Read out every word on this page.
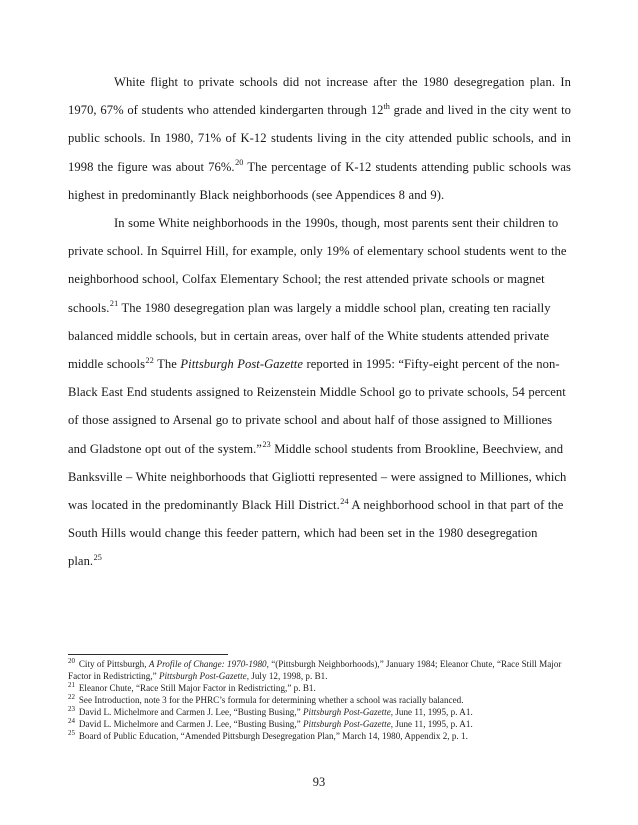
White flight to private schools did not increase after the 1980 desegregation plan. In 1970, 67% of students who attended kindergarten through 12th grade and lived in the city went to public schools. In 1980, 71% of K-12 students living in the city attended public schools, and in 1998 the figure was about 76%.$^{20}$ The percentage of K-12 students attending public schools was highest in predominantly Black neighborhoods (see Appendices 8 and 9).

In some White neighborhoods in the 1990s, though, most parents sent their children to private school. In Squirrel Hill, for example, only 19% of elementary school students went to the neighborhood school, Colfax Elementary School; the rest attended private schools or magnet schools.$^{21}$ The 1980 desegregation plan was largely a middle school plan, creating ten racially balanced middle schools, but in certain areas, over half of the White students attended private middle schools$^{22}$ The Pittsburgh Post-Gazette reported in 1995: “Fifty-eight percent of the non-Black East End students assigned to Reizenstein Middle School go to private schools, 54 percent of those assigned to Arsenal go to private school and about half of those assigned to Milliones and Gladstone opt out of the system.”$^{23}$ Middle school students from Brookline, Beechview, and Banksville – White neighborhoods that Gigliotti represented – were assigned to Milliones, which was located in the predominantly Black Hill District.$^{24}$ A neighborhood school in that part of the South Hills would change this feeder pattern, which had been set in the 1980 desegregation plan.$^{25}$

$^{20}$ City of Pittsburgh, A Profile of Change: 1970-1980, “(Pittsburgh Neighborhoods),” January 1984; Eleanor Chute, “Race Still Major Factor in Redistricting,” Pittsburgh Post-Gazette, July 12, 1998, p. B1.

$^{21}$ Eleanor Chute, “Race Still Major Factor in Redistricting,” p. B1.

$^{22}$ See Introduction, note 3 for the PHRC’s formula for determining whether a school was racially balanced.

$^{23}$ David L. Michelmore and Carmen J. Lee, “Busting Busing,” Pittsburgh Post-Gazette, June 11, 1995, p. A1.

$^{24}$ David L. Michelmore and Carmen J. Lee, “Busting Busing,” Pittsburgh Post-Gazette, June 11, 1995, p. A1.

$^{25}$ Board of Public Education, “Amended Pittsburgh Desegregation Plan,” March 14, 1980, Appendix 2, p. 1.

93
